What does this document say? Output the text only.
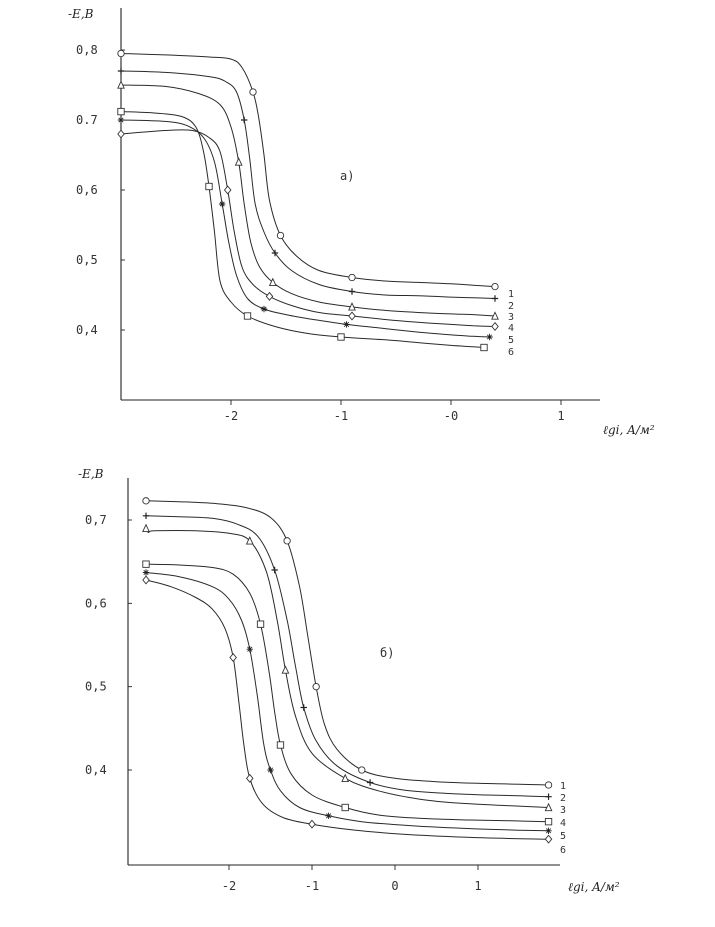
-E,B
0,8
0.7
0,6
0,5
0,4
-2	-1	-0	1
ℓgi, A/м²
а)
1
2
3
4
5
6
-E,B
0,7
0,6
0,5
0,4
-2	-1	0	1	ℓgi, A/м²
б)
1
2
3
4
5
6
